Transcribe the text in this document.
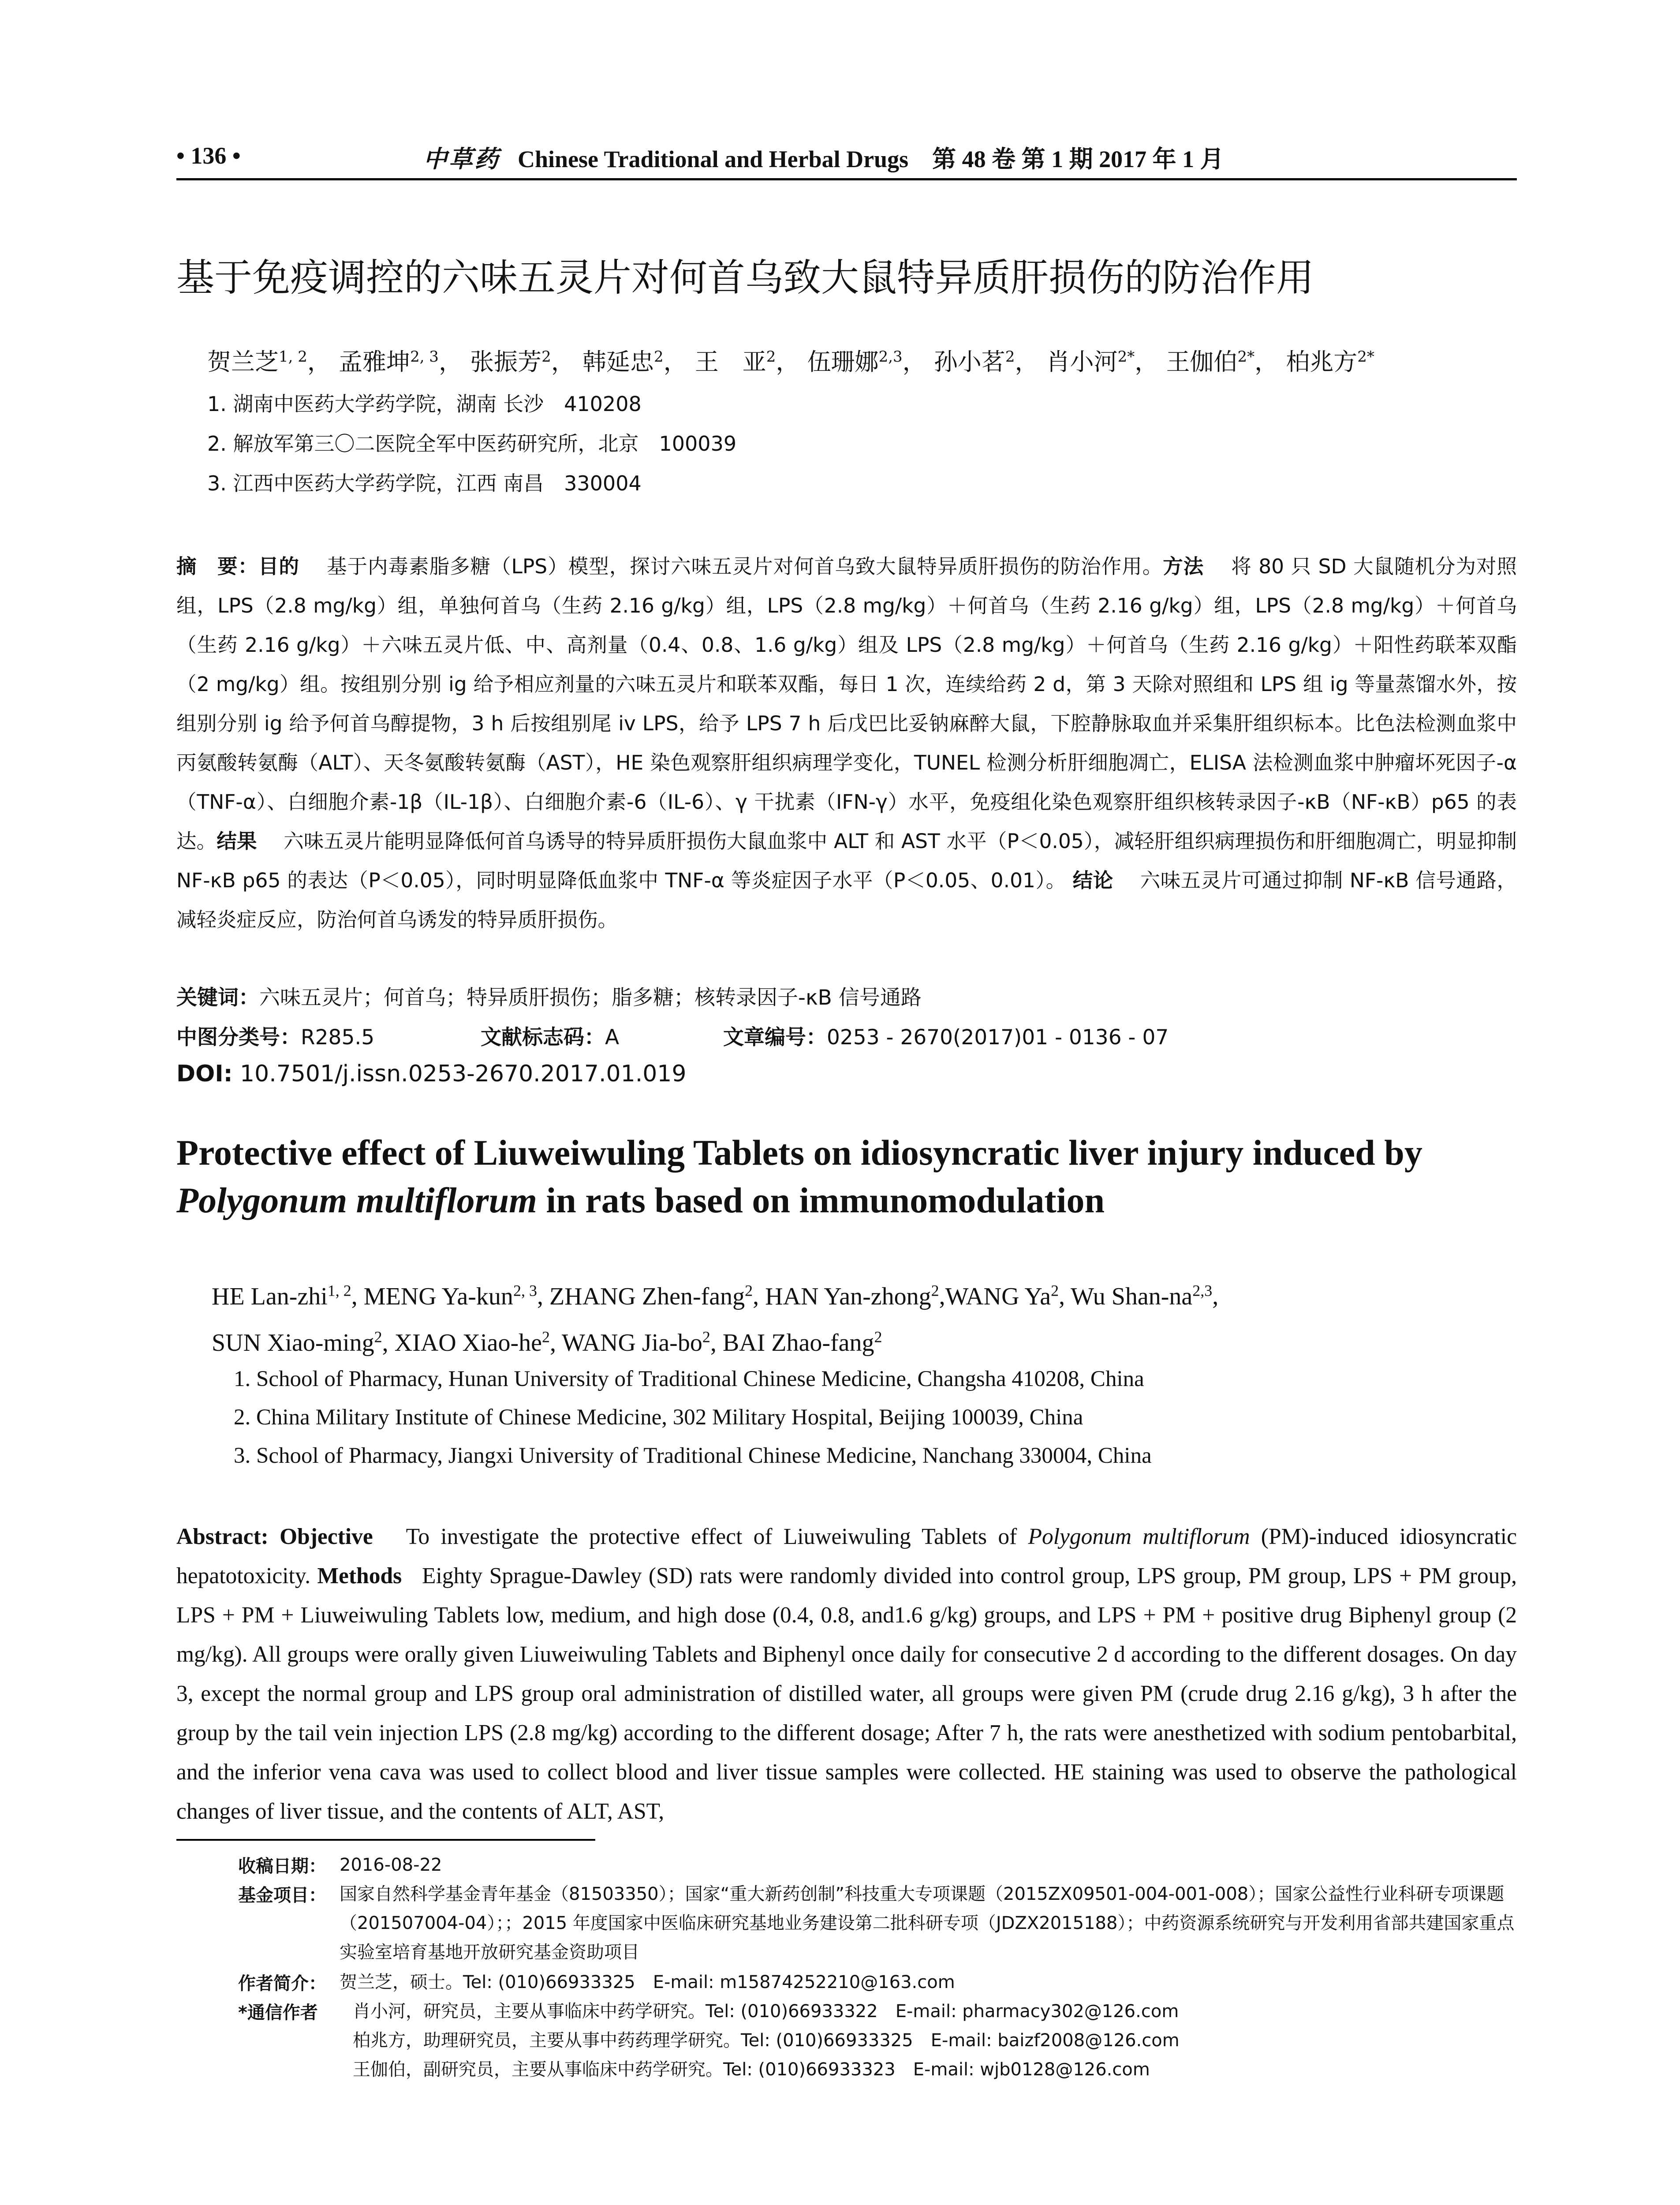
• 136 •	中草药 Chinese Traditional and Herbal Drugs　第 48 卷 第 1 期 2017 年 1 月
基于免疫调控的六味五灵片对何首乌致大鼠特异质肝损伤的防治作用
贺兰芝$^{1, 2}$， 孟雅坤$^{2, 3}$， 张振芳$^2$， 韩延忠$^2$， 王　亚$^2$， 伍珊娜$^{2,3}$， 孙小茗$^2$， 肖小河$^{2*}$， 王伽伯$^{2*}$， 柏兆方$^{2*}$
1. 湖南中医药大学药学院，湖南 长沙　410208
2. 解放军第三〇二医院全军中医药研究所，北京　100039
3. 江西中医药大学药学院，江西 南昌　330004
摘　要：目的　 基于内毒素脂多糖（LPS）模型，探讨六味五灵片对何首乌致大鼠特异质肝损伤的防治作用。方法　 将 80 只 SD 大鼠随机分为对照组，LPS（2.8 mg/kg）组，单独何首乌（生药 2.16 g/kg）组，LPS（2.8 mg/kg）＋何首乌（生药 2.16 g/kg）组，LPS（2.8 mg/kg）＋何首乌（生药 2.16 g/kg）＋六味五灵片低、中、高剂量（0.4、0.8、1.6 g/kg）组及 LPS（2.8 mg/kg）＋何首乌（生药 2.16 g/kg）＋阳性药联苯双酯（2 mg/kg）组。按组别分别 ig 给予相应剂量的六味五灵片和联苯双酯，每日 1 次，连续给药 2 d，第 3 天除对照组和 LPS 组 ig 等量蒸馏水外，按组别分别 ig 给予何首乌醇提物，3 h 后按组别尾 iv LPS，给予 LPS 7 h 后戊巴比妥钠麻醉大鼠，下腔静脉取血并采集肝组织标本。比色法检测血浆中丙氨酸转氨酶（ALT）、天冬氨酸转氨酶（AST），HE 染色观察肝组织病理学变化，TUNEL 检测分析肝细胞凋亡，ELISA 法检测血浆中肿瘤坏死因子-α（TNF-α）、白细胞介素-1β（IL-1β）、白细胞介素-6（IL-6）、γ 干扰素（IFN-γ）水平，免疫组化染色观察肝组织核转录因子-κB（NF-κB）p65 的表达。结果　 六味五灵片能明显降低何首乌诱导的特异质肝损伤大鼠血浆中 ALT 和 AST 水平（P＜0.05），减轻肝组织病理损伤和肝细胞凋亡，明显抑制 NF-κB p65 的表达（P＜0.05），同时明显降低血浆中 TNF-α 等炎症因子水平（P＜0.05、0.01）。 结论　 六味五灵片可通过抑制 NF-κB 信号通路，减轻炎症反应，防治何首乌诱发的特异质肝损伤。
关键词：六味五灵片；何首乌；特异质肝损伤；脂多糖；核转录因子-κB 信号通路
中图分类号：R285.5	文献标志码：A	文章编号：0253 - 2670(2017)01 - 0136 - 07
DOI: 10.7501/j.issn.0253-2670.2017.01.019
Protective effect of Liuweiwuling Tablets on idiosyncratic liver injury induced by
Polygonum multiflorum in rats based on immunomodulation
HE Lan-zhi$^{1, 2}$, MENG Ya-kun$^{2, 3}$, ZHANG Zhen-fang$^2$, HAN Yan-zhong$^2$,WANG Ya$^2$, Wu Shan-na$^{2,3}$,
SUN Xiao-ming$^2$, XIAO Xiao-$he^2$, WANG Jia-$bo^2$, BAI Zhao-fang$^2$
1. School of Pharmacy, Hunan University of Traditional Chinese Medicine, Changsha 410208, China
2. China Military Institute of Chinese Medicine, 302 Military Hospital, Beijing 100039, China
3. School of Pharmacy, Jiangxi University of Traditional Chinese Medicine, Nanchang 330004, China
Abstract: Objective To investigate the protective effect of Liuweiwuling Tablets of Polygonum multiflorum (PM)-induced idiosyncratic hepatotoxicity. Methods Eighty Sprague-Dawley (SD) rats were randomly divided into control group, LPS group, PM group, LPS + PM group, LPS + PM + Liuweiwuling Tablets low, medium, and high dose (0.4, 0.8, and1.6 g/kg) groups, and LPS + PM + positive drug Biphenyl group (2 mg/kg). All groups were orally given Liuweiwuling Tablets and Biphenyl once daily for consecutive 2 d according to the different dosages. On day 3, except the normal group and LPS group oral administration of distilled water, all groups were given PM (crude drug 2.16 g/kg), 3 h after the group by the tail vein injection LPS (2.8 mg/kg) according to the different dosage; After 7 h, the rats were anesthetized with sodium pentobarbital, and the inferior vena cava was used to collect blood and liver tissue samples were collected. HE staining was used to observe the pathological changes of liver tissue, and the contents of ALT, AST,
收稿日期： 2016-08-22
基金项目： 国家自然科学基金青年基金（81503350）；国家“重大新药创制”科技重大专项课题（2015ZX09501-004-001-008）；国家公益性行业科研专项课题（201507004-04）；；2015 年度国家中医临床研究基地业务建设第二批科研专项（JDZX2015188）；中药资源系统研究与开发利用省部共建国家重点实验室培育基地开放研究基金资助项目
作者简介： 贺兰芝，硕士。Tel: (010)66933325　E-mail: m15874252210@163.com
*通信作者 肖小河，研究员，主要从事临床中药学研究。Tel: (010)66933322　E-mail: pharmacy302@126.com
柏兆方，助理研究员，主要从事中药药理学研究。Tel: (010)66933325　E-mail: baizf2008@126.com
王伽伯，副研究员，主要从事临床中药学研究。Tel: (010)66933323　E-mail: wjb0128@126.com
